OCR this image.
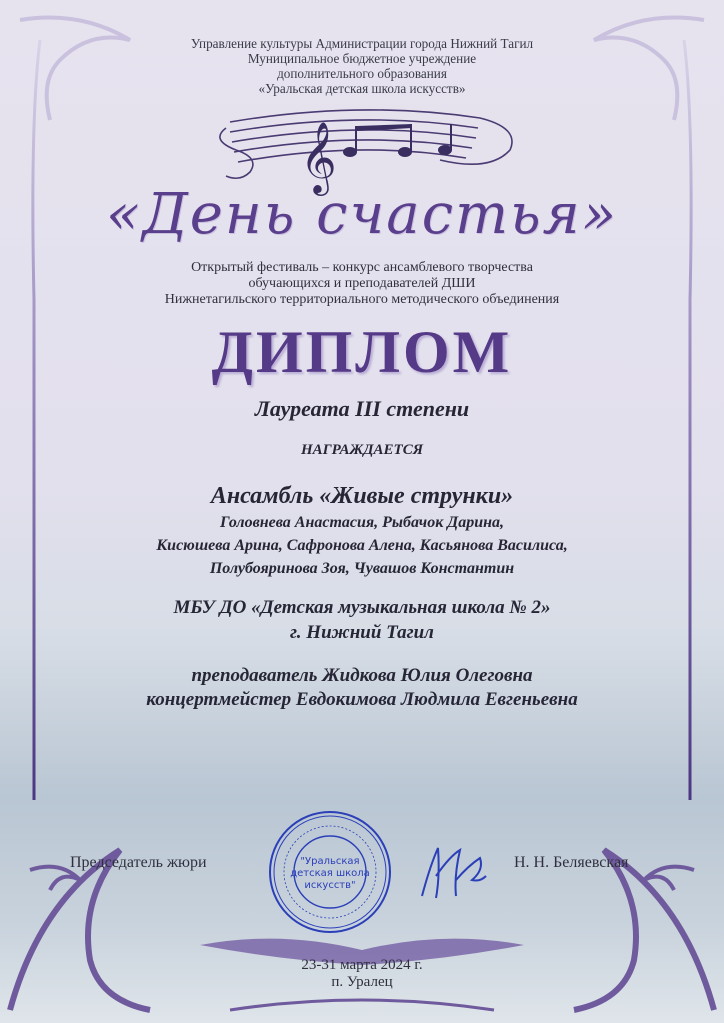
𝄞
Управление культуры Администрации города Нижний Тагил
Муниципальное бюджетное учреждение
дополнительного образования
«Уральская детская школа искусств»
«День счастья»
Открытый фестиваль – конкурс ансамблевого творчества
обучающихся и преподавателей ДШИ
Нижнетагильского территориального методического объединения
ДИПЛОМ
Лауреата III степени
НАГРАЖДАЕТСЯ
Ансамбль «Живые струнки»
Головнева Анастасия, Рыбачок Дарина,
Кисюшева Арина, Сафронова Алена, Касьянова Василиса,
Полубояринова Зоя, Чувашов Константин
МБУ ДО «Детская музыкальная школа № 2»
г. Нижний Тагил
преподаватель Жидкова Юлия Олеговна
концертмейстер Евдокимова Людмила Евгеньевна
Председатель жюри	Н. Н. Беляевская
"Уральская
детская школа
искусств"
23-31 марта 2024 г.
п. Уралец
